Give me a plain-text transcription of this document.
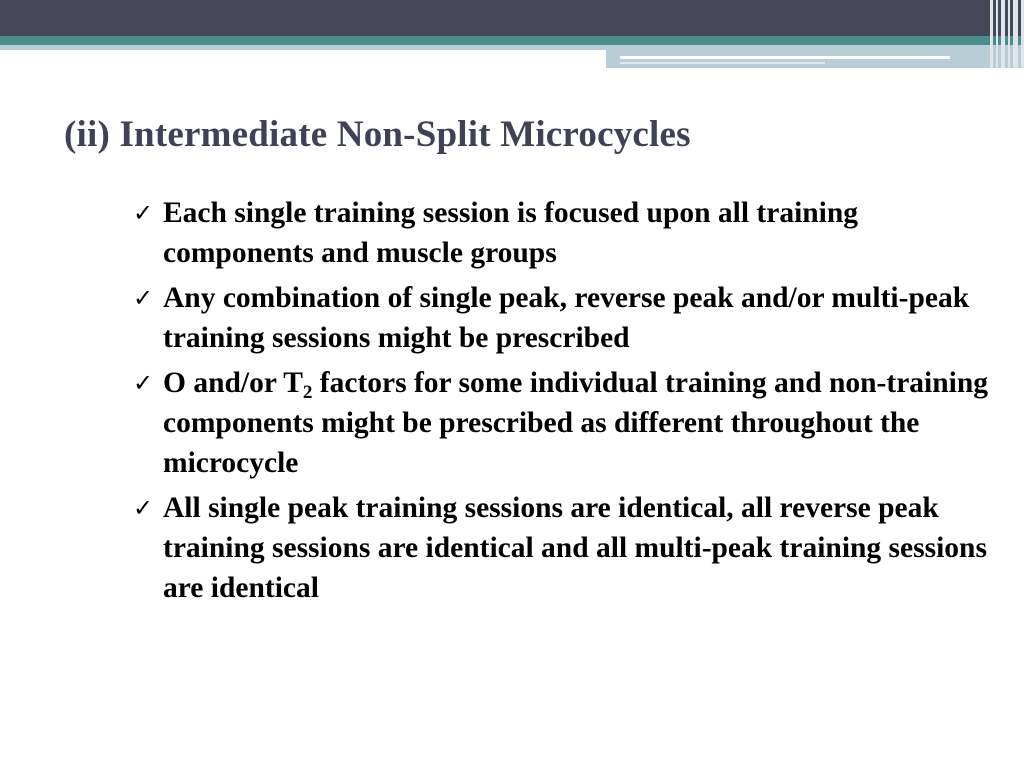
(ii) Intermediate Non-Split Microcycles
✓ Each single training session is focused upon all training components and muscle groups
✓ Any combination of single peak, reverse peak and/or multi-peak training sessions might be prescribed
✓ O and/or $T_2$ factors for some individual training and non-training components might be prescribed as different throughout the microcycle
✓ All single peak training sessions are identical, all reverse peak training sessions are identical and all multi-peak training sessions are identical
